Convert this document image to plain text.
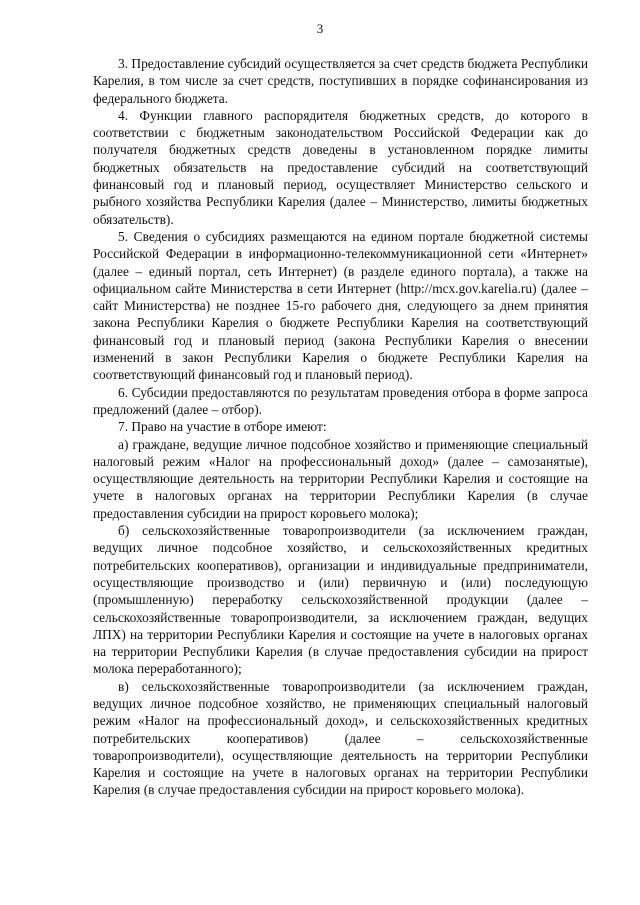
3

3. Предоставление субсидий осуществляется за счет средств бюджета Республики Карелия, в том числе за счет средств, поступивших в порядке софинансирования из федерального бюджета.

4. Функции главного распорядителя бюджетных средств, до которого в соответствии с бюджетным законодательством Российской Федерации как до получателя бюджетных средств доведены в установленном порядке лимиты бюджетных обязательств на предоставление субсидий на соответствующий финансовый год и плановый период, осуществляет Министерство сельского и рыбного хозяйства Республики Карелия (далее – Министерство, лимиты бюджетных обязательств).

5. Сведения о субсидиях размещаются на едином портале бюджетной системы Российской Федерации в информационно-телекоммуникационной сети «Интернет» (далее – единый портал, сеть Интернет) (в разделе единого портала), а также на официальном сайте Министерства в сети Интернет (http://mcx.gov.karelia.ru) (далее – сайт Министерства) не позднее 15-го рабочего дня, следующего за днем принятия закона Республики Карелия о бюджете Республики Карелия на соответствующий финансовый год и плановый период (закона Республики Карелия о внесении изменений в закон Республики Карелия о бюджете Республики Карелия на соответствующий финансовый год и плановый период).

6. Субсидии предоставляются по результатам проведения отбора в форме запроса предложений (далее – отбор).

7. Право на участие в отборе имеют:

а) граждане, ведущие личное подсобное хозяйство и применяющие специальный налоговый режим «Налог на профессиональный доход» (далее – самозанятые), осуществляющие деятельность на территории Республики Карелия и состоящие на учете в налоговых органах на территории Республики Карелия (в случае предоставления субсидии на прирост коровьего молока);

б) сельскохозяйственные товаропроизводители (за исключением граждан, ведущих личное подсобное хозяйство, и сельскохозяйственных кредитных потребительских кооперативов), организации и индивидуальные предприниматели, осуществляющие производство и (или) первичную и (или) последующую (промышленную) переработку сельскохозяйственной продукции (далее – сельскохозяйственные товаропроизводители, за исключением граждан, ведущих ЛПХ) на территории Республики Карелия и состоящие на учете в налоговых органах на территории Республики Карелия (в случае предоставления субсидии на прирост молока переработанного);

в) сельскохозяйственные товаропроизводители (за исключением граждан, ведущих личное подсобное хозяйство, не применяющих специальный налоговый режим «Налог на профессиональный доход», и сельскохозяйственных кредитных потребительских кооперативов) (далее – сельскохозяйственные товаропроизводители), осуществляющие деятельность на территории Республики Карелия и состоящие на учете в налоговых органах на территории Республики Карелия (в случае предоставления субсидии на прирост коровьего молока).
